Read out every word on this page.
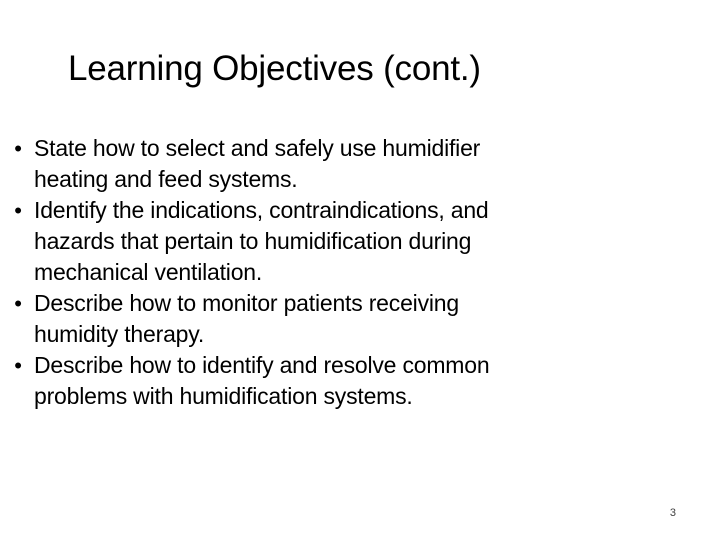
Learning Objectives (cont.)
• State how to select and safely use humidifier
heating and feed systems.
• Identify the indications, contraindications, and
hazards that pertain to humidification during
mechanical ventilation.
• Describe how to monitor patients receiving
humidity therapy.
• Describe how to identify and resolve common
problems with humidification systems.
3
